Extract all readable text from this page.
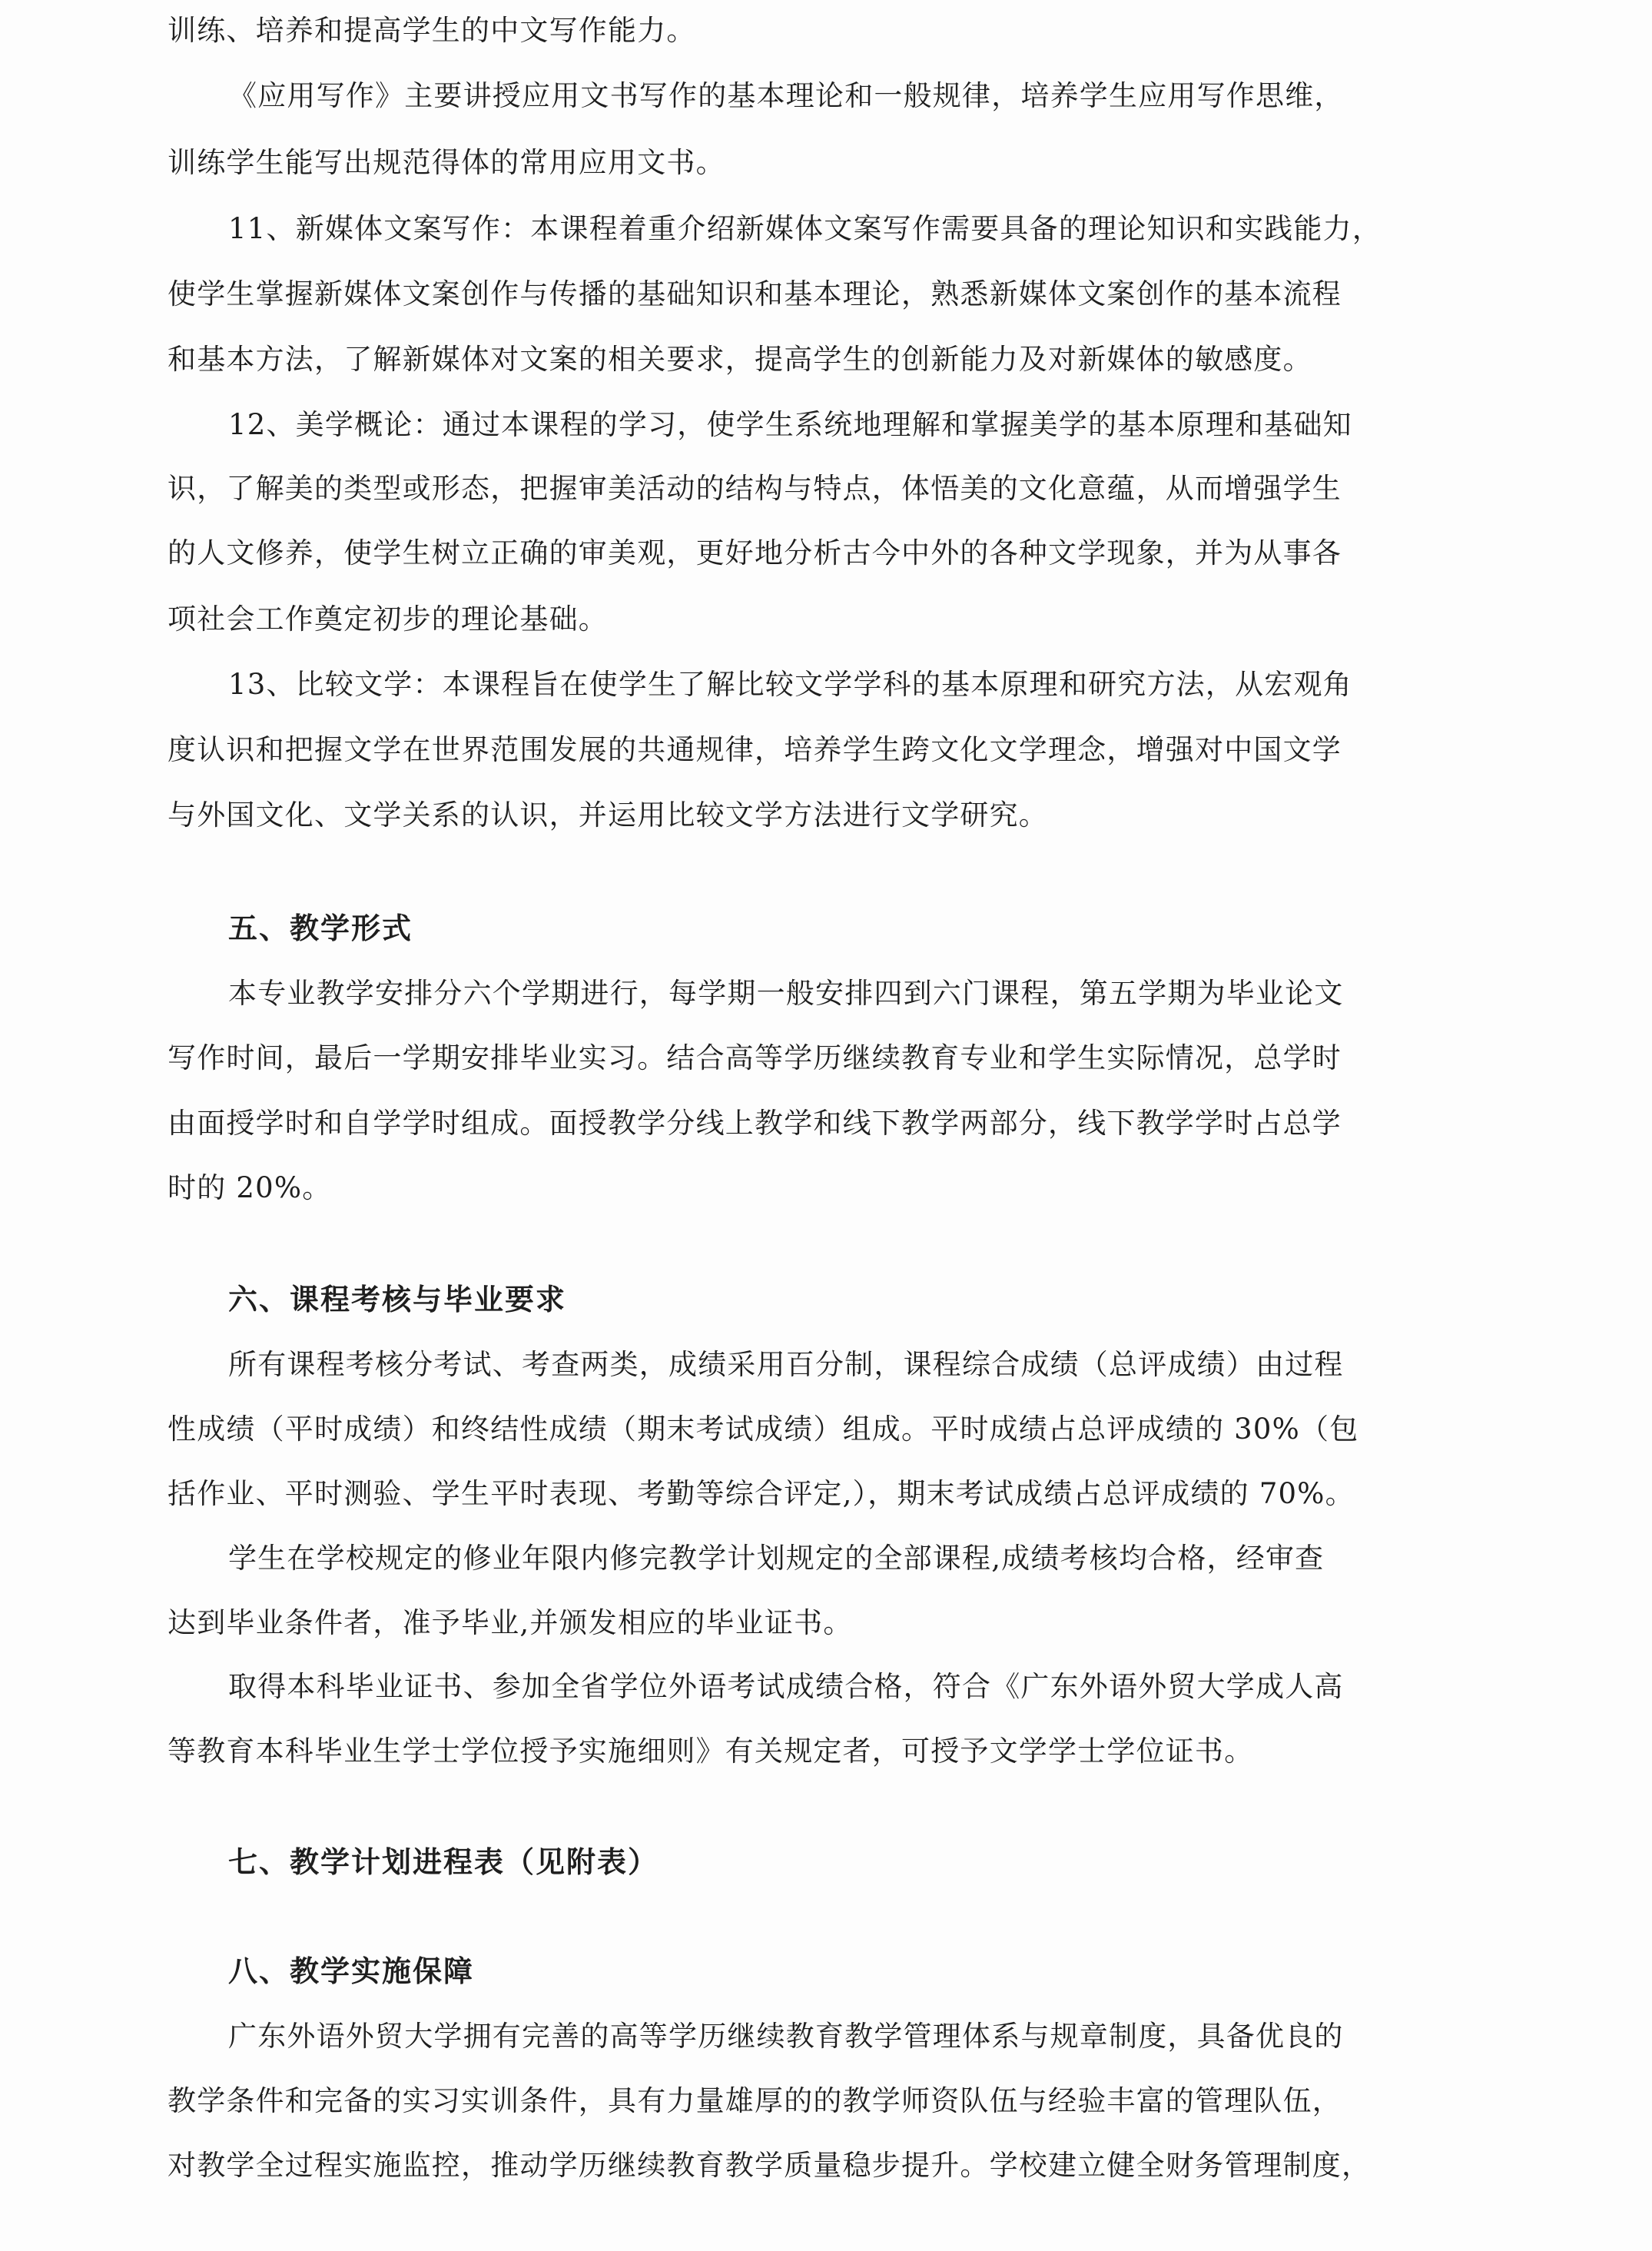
训练、培养和提高学生的中文写作能力。

《应用写作》主要讲授应用文书写作的基本理论和一般规律，培养学生应用写作思维，

训练学生能写出规范得体的常用应用文书。

11、新媒体文案写作：本课程着重介绍新媒体文案写作需要具备的理论知识和实践能力，

使学生掌握新媒体文案创作与传播的基础知识和基本理论，熟悉新媒体文案创作的基本流程

和基本方法，了解新媒体对文案的相关要求，提高学生的创新能力及对新媒体的敏感度。

12、美学概论：通过本课程的学习，使学生系统地理解和掌握美学的基本原理和基础知

识，了解美的类型或形态，把握审美活动的结构与特点，体悟美的文化意蕴，从而增强学生

的人文修养，使学生树立正确的审美观，更好地分析古今中外的各种文学现象，并为从事各

项社会工作奠定初步的理论基础。

13、比较文学：本课程旨在使学生了解比较文学学科的基本原理和研究方法，从宏观角

度认识和把握文学在世界范围发展的共通规律，培养学生跨文化文学理念，增强对中国文学

与外国文化、文学关系的认识，并运用比较文学方法进行文学研究。

五、教学形式

本专业教学安排分六个学期进行，每学期一般安排四到六门课程，第五学期为毕业论文

写作时间，最后一学期安排毕业实习。结合高等学历继续教育专业和学生实际情况，总学时

由面授学时和自学学时组成。面授教学分线上教学和线下教学两部分，线下教学学时占总学

时的 20%。

六、课程考核与毕业要求

所有课程考核分考试、考查两类，成绩采用百分制，课程综合成绩（总评成绩）由过程

性成绩（平时成绩）和终结性成绩（期末考试成绩）组成。平时成绩占总评成绩的 30%（包

括作业、平时测验、学生平时表现、考勤等综合评定,），期末考试成绩占总评成绩的 70%。

学生在学校规定的修业年限内修完教学计划规定的全部课程,成绩考核均合格，经审查

达到毕业条件者，准予毕业,并颁发相应的毕业证书。

取得本科毕业证书、参加全省学位外语考试成绩合格，符合《广东外语外贸大学成人高

等教育本科毕业生学士学位授予实施细则》有关规定者，可授予文学学士学位证书。

七、教学计划进程表（见附表）

八、教学实施保障

广东外语外贸大学拥有完善的高等学历继续教育教学管理体系与规章制度，具备优良的

教学条件和完备的实习实训条件，具有力量雄厚的的教学师资队伍与经验丰富的管理队伍，

对教学全过程实施监控，推动学历继续教育教学质量稳步提升。学校建立健全财务管理制度，
